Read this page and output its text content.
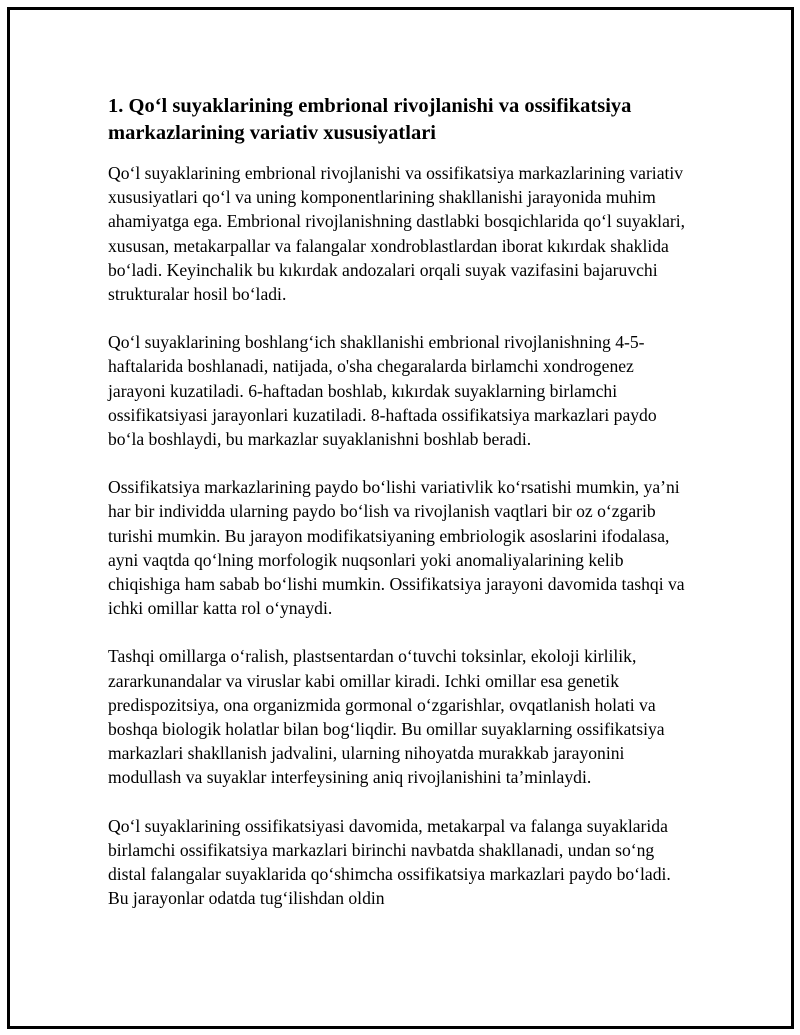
1. Qo‘l suyaklarining embrional rivojlanishi va ossifikatsiya markazlarining variativ xususiyatlari

Qo‘l suyaklarining embrional rivojlanishi va ossifikatsiya markazlarining variativ xususiyatlari qo‘l va uning komponentlarining shakllanishi jarayonida muhim ahamiyatga ega. Embrional rivojlanishning dastlabki bosqichlarida qo‘l suyaklari, xususan, metakarpallar va falangalar xondroblastlardan iborat kıkırdak shaklida bo‘ladi. Keyinchalik bu kıkırdak andozalari orqali suyak vazifasini bajaruvchi strukturalar hosil bo‘ladi.

Qo‘l suyaklarining boshlang‘ich shakllanishi embrional rivojlanishning 4-5-haftalarida boshlanadi, natijada, o'sha chegaralarda birlamchi xondrogenez jarayoni kuzatiladi. 6-haftadan boshlab, kıkırdak suyaklarning birlamchi ossifikatsiyasi jarayonlari kuzatiladi. 8-haftada ossifikatsiya markazlari paydo bo‘la boshlaydi, bu markazlar suyaklanishni boshlab beradi.

Ossifikatsiya markazlarining paydo bo‘lishi variativlik ko‘rsatishi mumkin, ya’ni har bir individda ularning paydo bo‘lish va rivojlanish vaqtlari bir oz o‘zgarib turishi mumkin. Bu jarayon modifikatsiyaning embriologik asoslarini ifodalasa, ayni vaqtda qo‘lning morfologik nuqsonlari yoki anomaliyalarining kelib chiqishiga ham sabab bo‘lishi mumkin. Ossifikatsiya jarayoni davomida tashqi va ichki omillar katta rol o‘ynaydi.

Tashqi omillarga o‘ralish, plastsentardan o‘tuvchi toksinlar, ekoloji kirlilik, zararkunandalar va viruslar kabi omillar kiradi. Ichki omillar esa genetik predispozitsiya, ona organizmida gormonal o‘zgarishlar, ovqatlanish holati va boshqa biologik holatlar bilan bog‘liqdir. Bu omillar suyaklarning ossifikatsiya markazlari shakllanish jadvalini, ularning nihoyatda murakkab jarayonini modullash va suyaklar interfeysining aniq rivojlanishini ta’minlaydi.

Qo‘l suyaklarining ossifikatsiyasi davomida, metakarpal va falanga suyaklarida birlamchi ossifikatsiya markazlari birinchi navbatda shakllanadi, undan so‘ng distal falangalar suyaklarida qo‘shimcha ossifikatsiya markazlari paydo bo‘ladi. Bu jarayonlar odatda tug‘ilishdan oldin
